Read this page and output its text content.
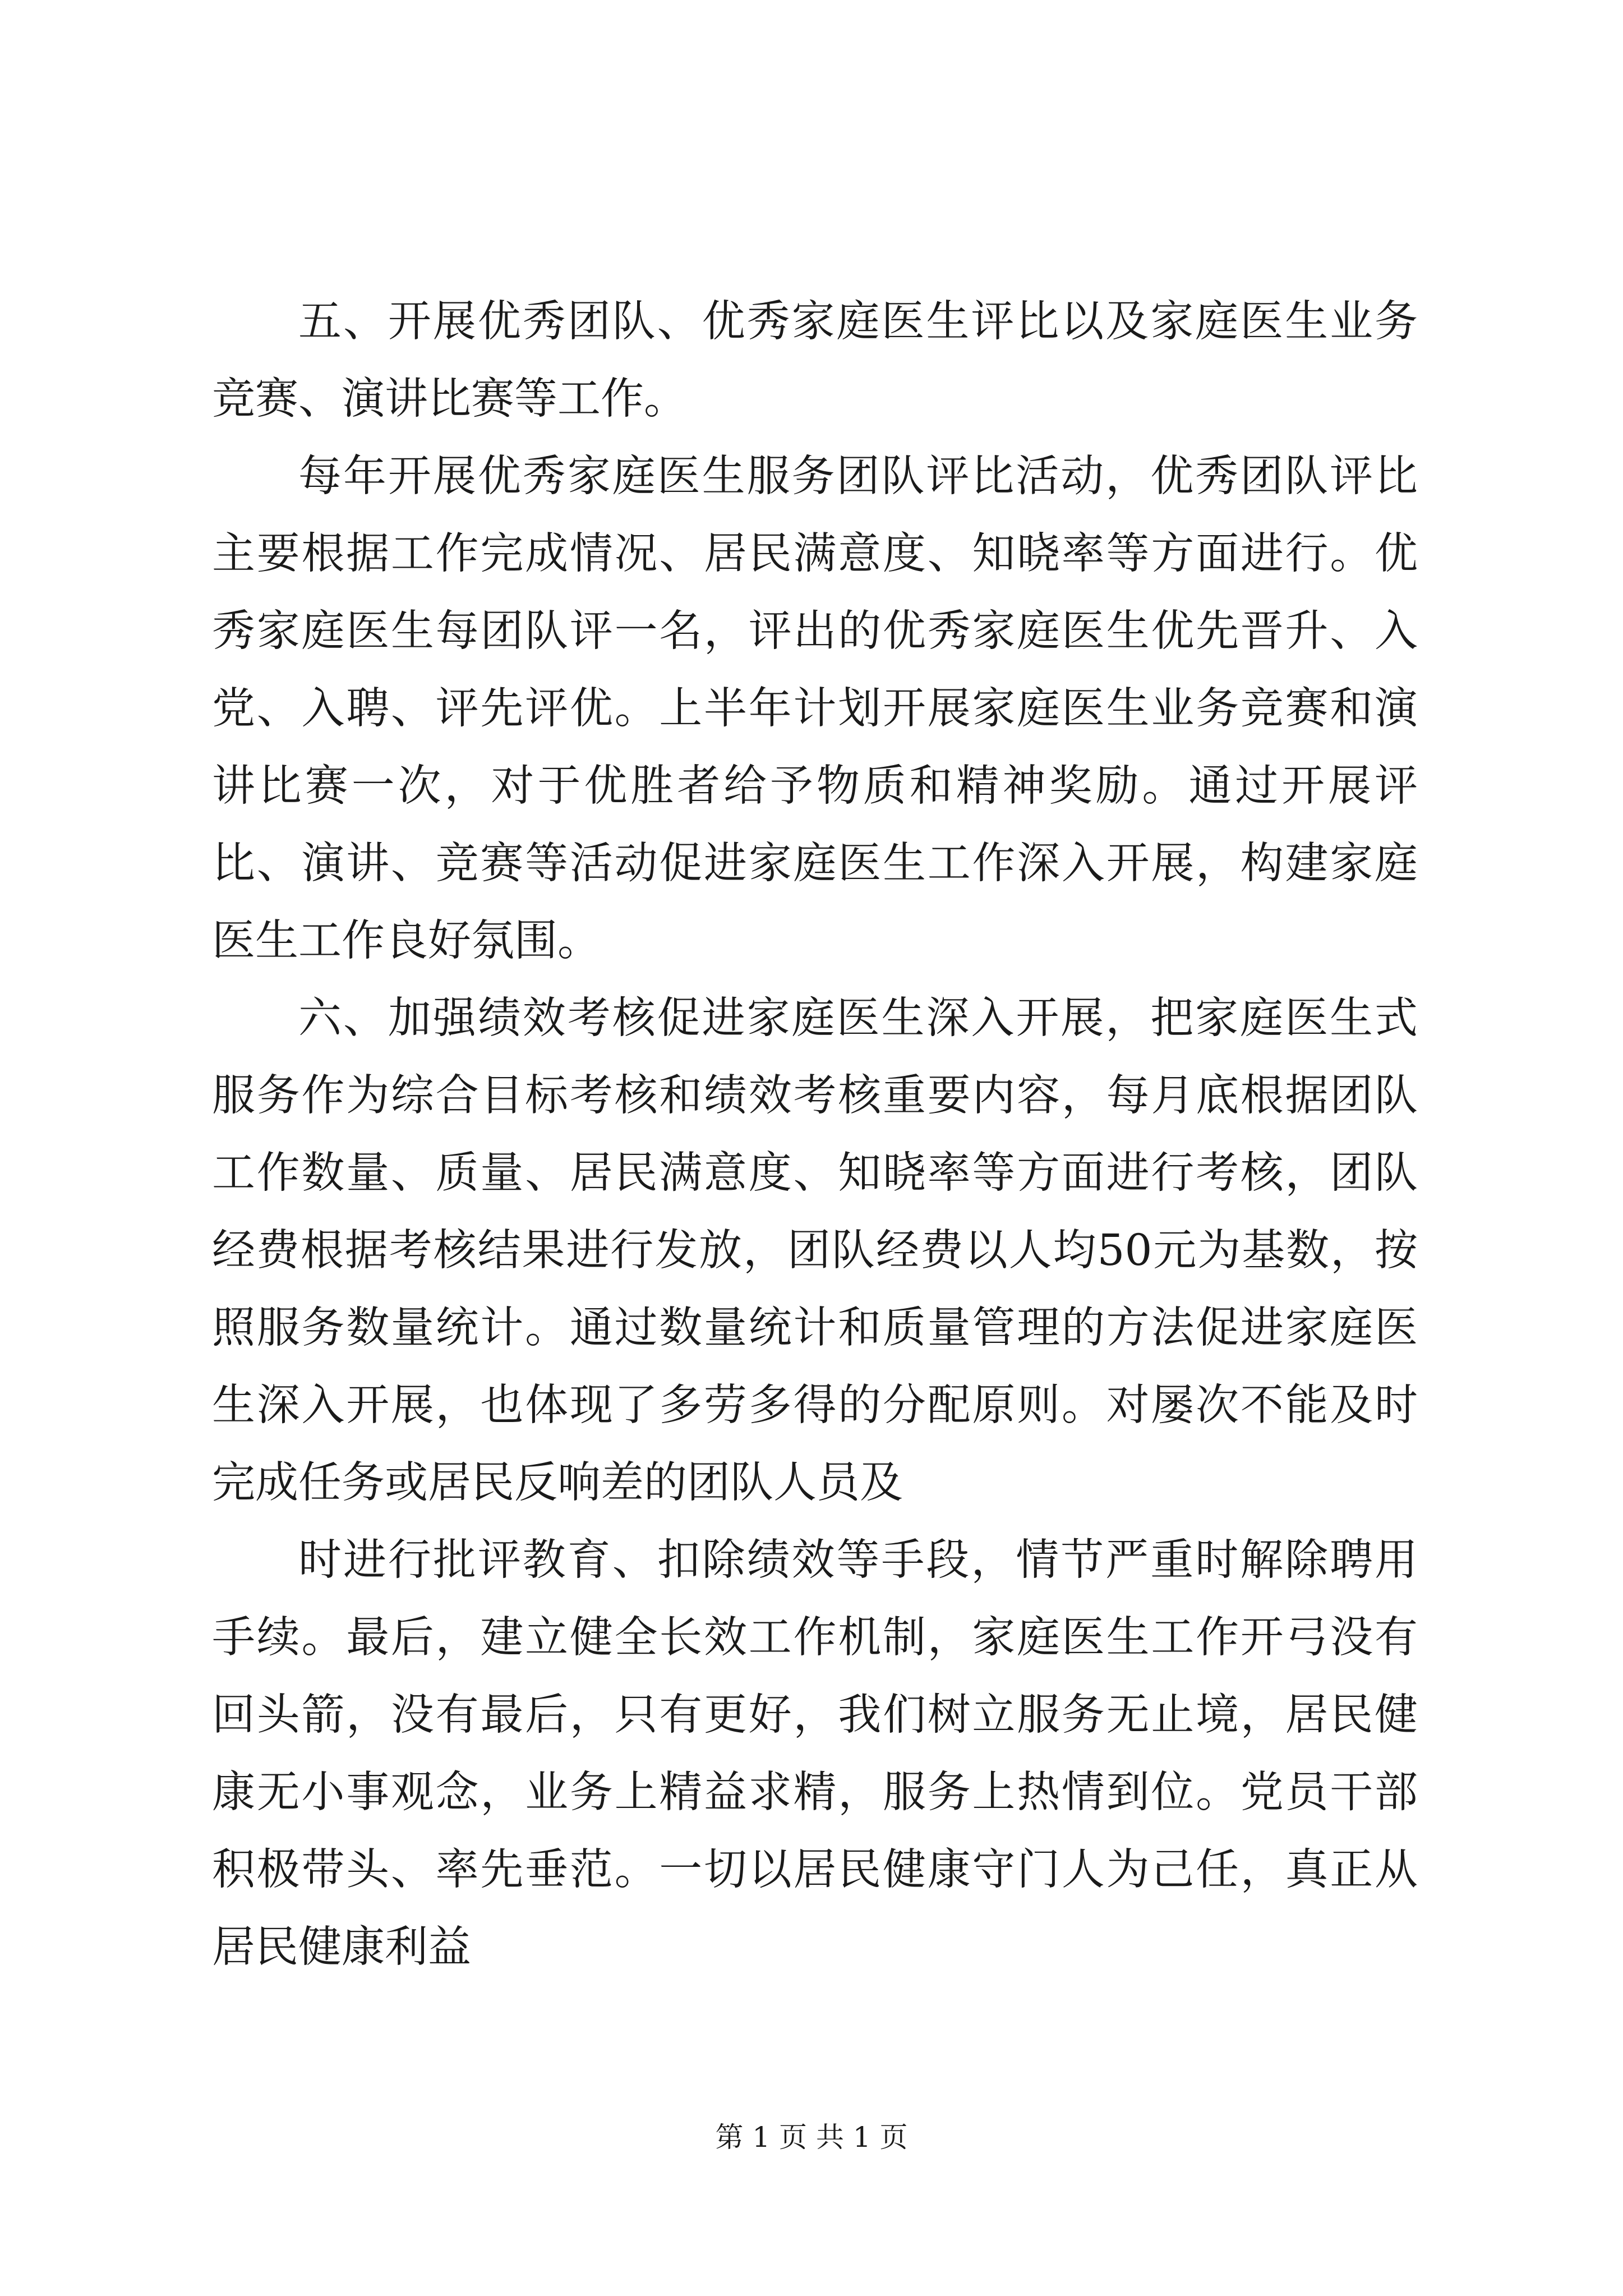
五、开展优秀团队、优秀家庭医生评比以及家庭医生业务竞赛、演讲比赛等工作。

每年开展优秀家庭医生服务团队评比活动，优秀团队评比主要根据工作完成情况、居民满意度、知晓率等方面进行。优秀家庭医生每团队评一名，评出的优秀家庭医生优先晋升、入党、入聘、评先评优。上半年计划开展家庭医生业务竞赛和演讲比赛一次，对于优胜者给予物质和精神奖励。通过开展评比、演讲、竞赛等活动促进家庭医生工作深入开展，构建家庭医生工作良好氛围。

六、加强绩效考核促进家庭医生深入开展，把家庭医生式服务作为综合目标考核和绩效考核重要内容，每月底根据团队工作数量、质量、居民满意度、知晓率等方面进行考核，团队经费根据考核结果进行发放，团队经费以人均50元为基数，按照服务数量统计。通过数量统计和质量管理的方法促进家庭医生深入开展，也体现了多劳多得的分配原则。对屡次不能及时完成任务或居民反响差的团队人员及

时进行批评教育、扣除绩效等手段，情节严重时解除聘用手续。最后，建立健全长效工作机制，家庭医生工作开弓没有回头箭，没有最后，只有更好，我们树立服务无止境，居民健康无小事观念，业务上精益求精，服务上热情到位。党员干部积极带头、率先垂范。一切以居民健康守门人为己任，真正从居民健康利益

第 1 页 共 1 页
